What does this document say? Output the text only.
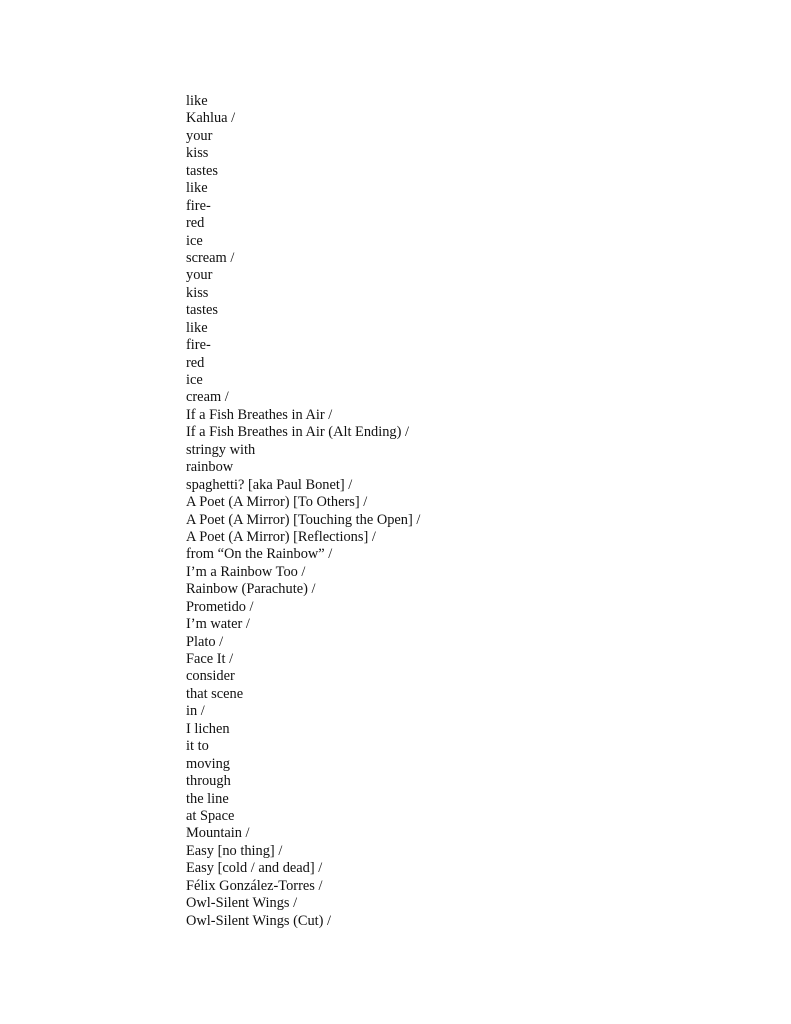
like
Kahlua /
your
kiss
tastes
like
fire-
red
ice
scream /
your
kiss
tastes
like
fire-
red
ice
cream /
If a Fish Breathes in Air /
If a Fish Breathes in Air (Alt Ending) /
stringy with
rainbow
spaghetti? [aka Paul Bonet] /
A Poet (A Mirror) [To Others] /
A Poet (A Mirror) [Touching the Open] /
A Poet (A Mirror) [Reflections] /
from “On the Rainbow” /
I’m a Rainbow Too /
Rainbow (Parachute) /
Prometido /
I’m water /
Plato /
Face It /
consider
that scene
in /
I lichen
it to
moving
through
the line
at Space
Mountain /
Easy [no thing] /
Easy [cold / and dead] /
Félix González-Torres /
Owl-Silent Wings /
Owl-Silent Wings (Cut) /
